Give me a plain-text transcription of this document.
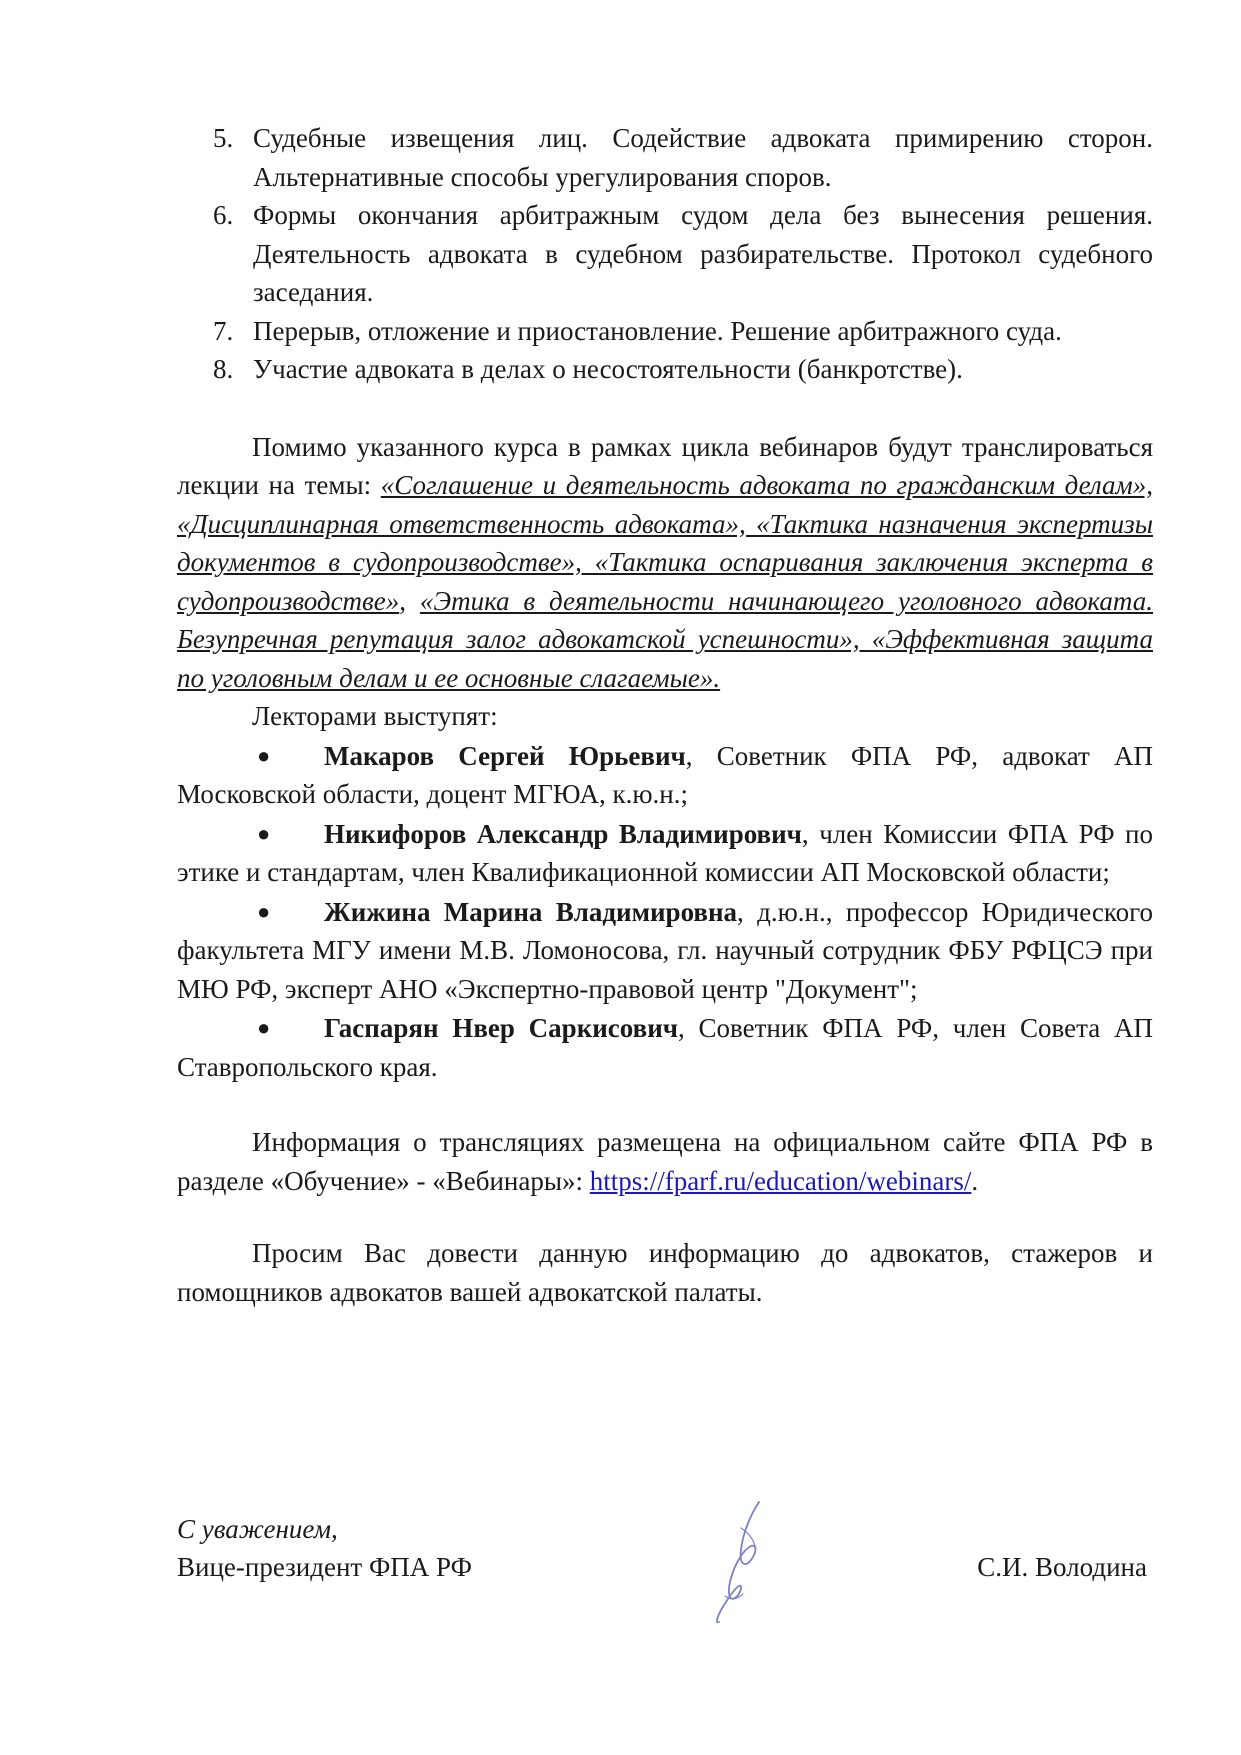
5. Судебные извещения лиц. Содействие адвоката примирению сторон. Альтернативные способы урегулирования споров.
6. Формы окончания арбитражным судом дела без вынесения решения. Деятельность адвоката в судебном разбирательстве. Протокол судебного заседания.
7. Перерыв, отложение и приостановление. Решение арбитражного суда.
8. Участие адвоката в делах о несостоятельности (банкротстве).

Помимо указанного курса в рамках цикла вебинаров будут транслироваться лекции на темы: «Соглашение и деятельность адвоката по гражданским делам», «Дисциплинарная ответственность адвоката», «Тактика назначения экспертизы документов в судопроизводстве», «Тактика оспаривания заключения эксперта в судопроизводстве», «Этика в деятельности начинающего уголовного адвоката. Безупречная репутация залог адвокатской успешности», «Эффективная защита по уголовным делам и ее основные слагаемые».

Лекторами выступят:

● Макаров Сергей Юрьевич, Советник ФПА РФ, адвокат АП Московской области, доцент МГЮА, к.ю.н.;

● Никифоров Александр Владимирович, член Комиссии ФПА РФ по этике и стандартам, член Квалификационной комиссии АП Московской области;

● Жижина Марина Владимировна, д.ю.н., профессор Юридического факультета МГУ имени М.В. Ломоносова, гл. научный сотрудник ФБУ РФЦСЭ при МЮ РФ, эксперт АНО «Экспертно-правовой центр "Документ";

● Гаспарян Нвер Саркисович, Советник ФПА РФ, член Совета АП Ставропольского края.

Информация о трансляциях размещена на официальном сайте ФПА РФ в разделе «Обучение» - «Вебинары»: https://fparf.ru/education/webinars/.

Просим Вас довести данную информацию до адвокатов, стажеров и помощников адвокатов вашей адвокатской палаты.

С уважением,
Вице-президент ФПА РФ	С.И. Володина
